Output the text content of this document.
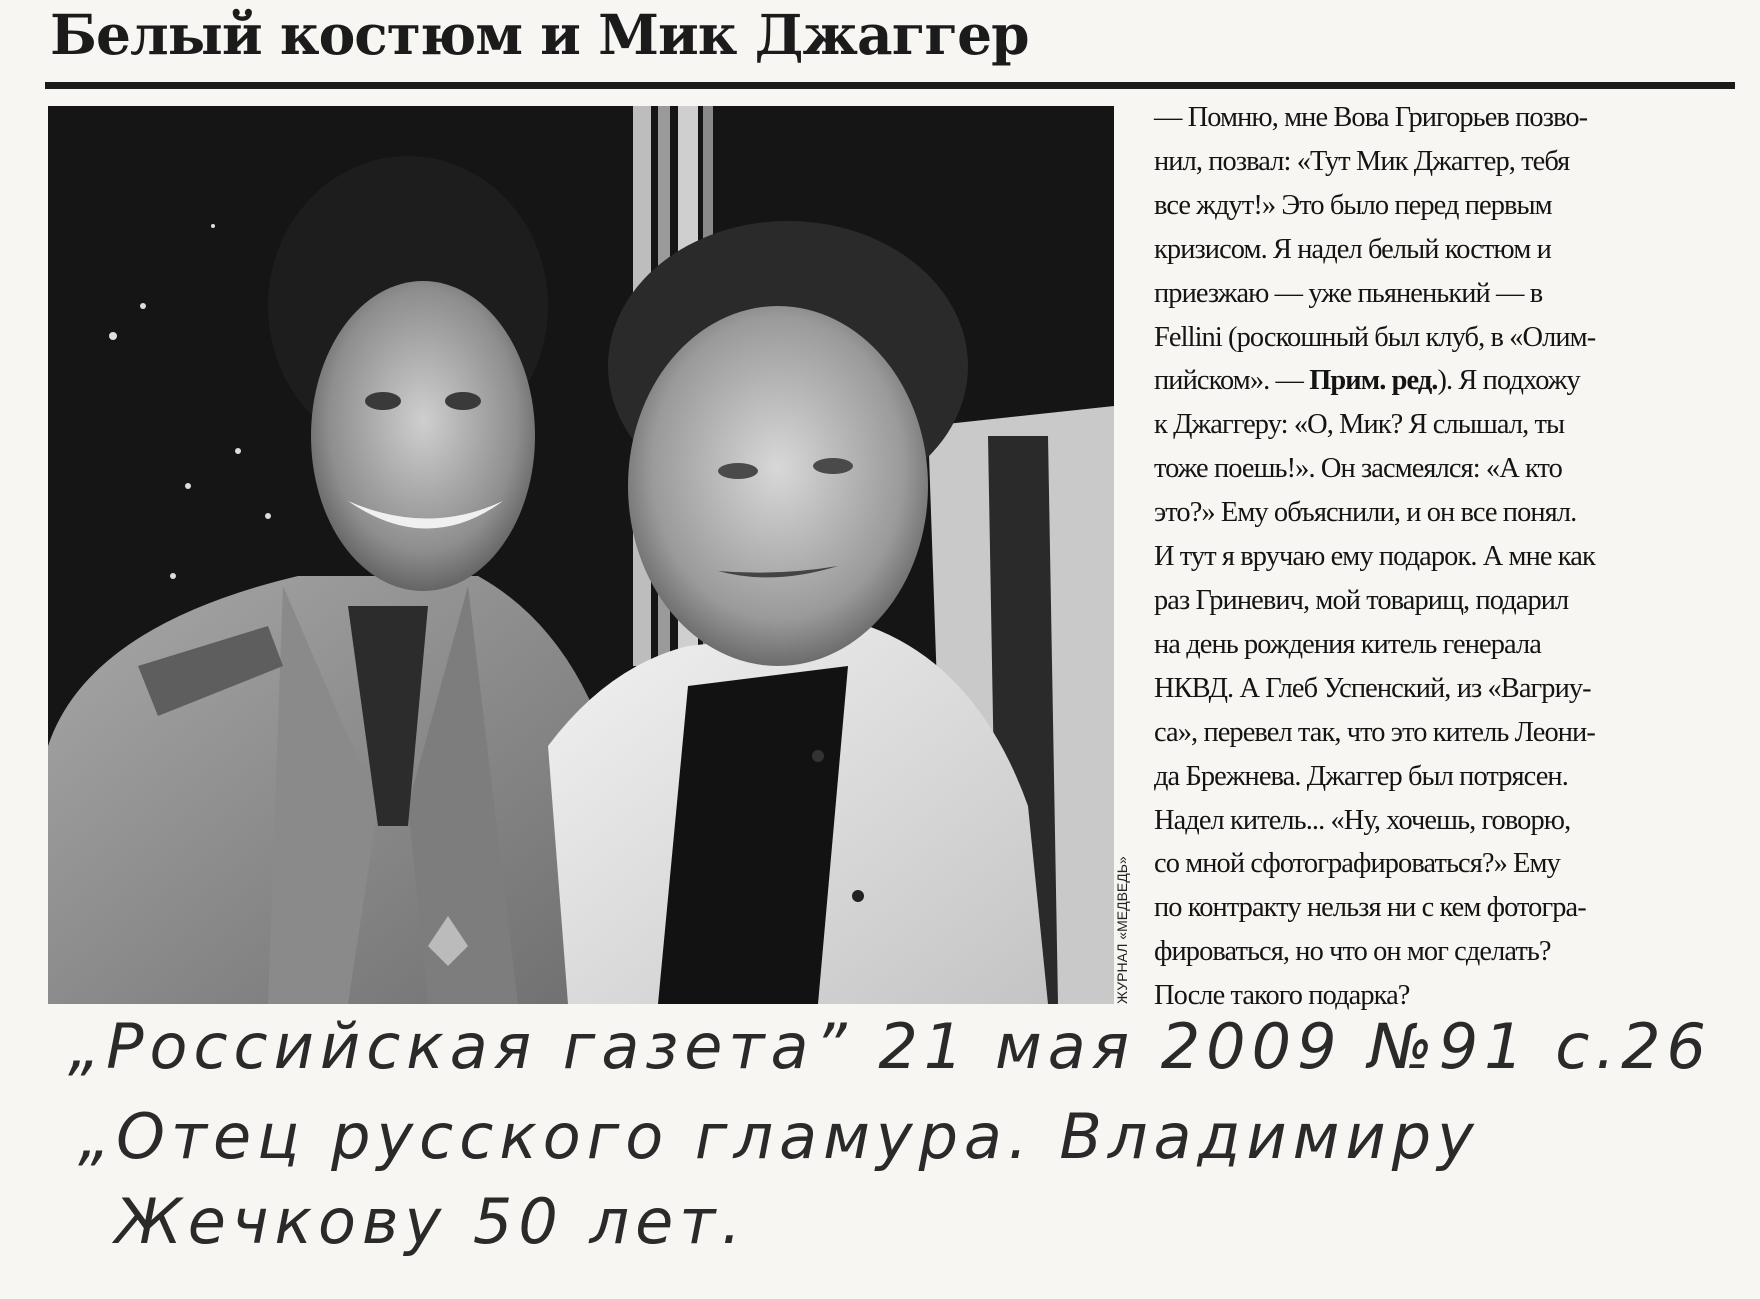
Белый костюм и Мик Джаггер
ЖУРНАЛ «МЕДВЕДЬ»
— Помню, мне Вова Григорьев позво-
нил, позвал: «Тут Мик Джаггер, тебя
все ждут!» Это было перед первым
кризисом. Я надел белый костюм и
приезжаю — уже пьяненький — в
Fellini (роскошный был клуб, в «Олим-
пийском». — Прим. ред.). Я подхожу
к Джаггеру: «О, Мик? Я слышал, ты
тоже поешь!». Он засмеялся: «А кто
это?» Ему объяснили, и он все понял.
И тут я вручаю ему подарок. А мне как
раз Гриневич, мой товарищ, подарил
на день рождения китель генерала
НКВД. А Глеб Успенский, из «Вагриу-
са», перевел так, что это китель Леони-
да Брежнева. Джаггер был потрясен.
Надел китель... «Ну, хочешь, говорю,
со мной сфотографироваться?» Ему
по контракту нельзя ни с кем фотогра-
фироваться, но что он мог сделать?
После такого подарка?
„Российская газета” 21 мая 2009 №91 с.26
„Отец русского гламура. Владимиру
Жечкову 50 лет.
